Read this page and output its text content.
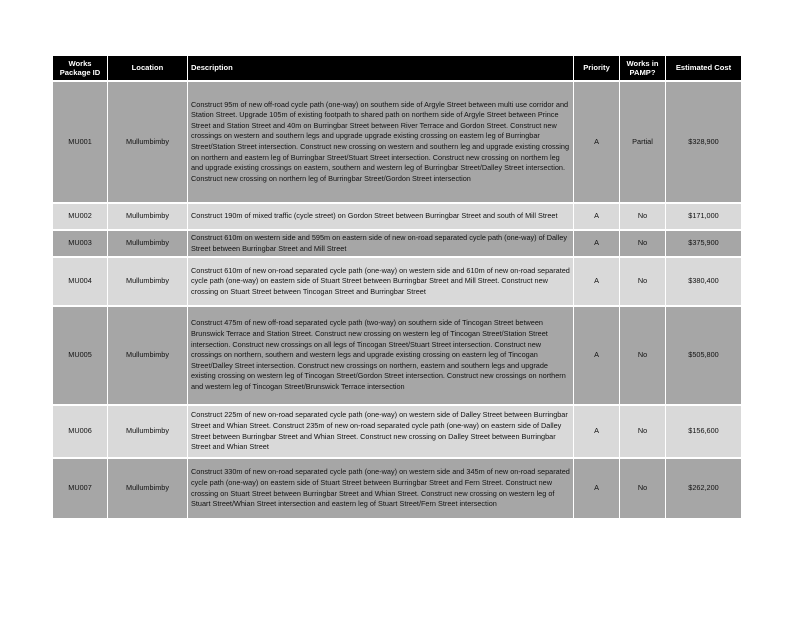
Works Package ID	Location	Description	Priority	Works in PAMP?	Estimated Cost
MU001	Mullumbimby	Construct 95m of new off-road cycle path (one-way) on southern side of Argyle Street between multi use corridor and Station Street. Upgrade 105m of existing footpath to shared path on northern side of Argyle Street between Prince Street and Station Street and 40m on Burringbar Street between River Terrace and Gordon Street. Construct new crossings on western and southern legs and upgrade upgrade existing crossing on eastern leg of Burringbar Street/Station Street intersection. Construct new crossing on western and southern leg and upgrade existing crossing on northern and eastern leg of Burringbar Street/Stuart Street intersection. Construct new crossing on northern leg and upgrade existing crossings on eastern, southern and western leg of Burringbar Street/Dalley Street intersection. Construct new crossing on northern leg of Burringbar Street/Gordon Street intersection	A	Partial	$328,900
MU002	Mullumbimby	Construct 190m of mixed traffic (cycle street) on Gordon Street between Burringbar Street and south of Mill Street	A	No	$171,000
MU003	Mullumbimby	Construct 610m on western side and 595m on eastern side of new on-road separated cycle path (one-way) of Dalley Street between Burringbar Street and Mill Street	A	No	$375,900
MU004	Mullumbimby	Construct 610m of new on-road separated cycle path (one-way) on western side and 610m of new on-road separated cycle path (one-way) on eastern side of Stuart Street between Burringbar Street and Mill Street. Construct new crossing on Stuart Street between Tincogan Street and Burringbar Street	A	No	$380,400
MU005	Mullumbimby	Construct 475m of new off-road separated cycle path (two-way) on southern side of Tincogan Street between Brunswick Terrace and Station Street. Construct new crossing on western leg of Tincogan Street/Station Street intersection. Construct new crossings on all legs of Tincogan Street/Stuart Street intersection. Construct new crossings on northern, southern and western legs and upgrade existing crossing on eastern leg of Tincogan Street/Dalley Street intersection. Construct new crossings on northern, eastern and southern legs and upgrade existing crossing on western leg of Tincogan Street/Gordon Street intersection. Construct new crossings on northern and western leg of Tincogan Street/Brunswick Terrace intersection	A	No	$505,800
MU006	Mullumbimby	Construct 225m of new on-road separated cycle path (one-way) on western side of Dalley Street between Burringbar Street and Whian Street. Construct 235m of new on-road separated cycle path (one-way) on eastern side of Dalley Street between Burringbar Street and Whian Street. Construct new crossing on Dalley Street between Burringbar Street and Whian Street	A	No	$156,600
MU007	Mullumbimby	Construct 330m of new on-road separated cycle path (one-way) on western side and 345m of new on-road separated cycle path (one-way) on eastern side of Stuart Street between Burringbar Street and Fern Street. Construct new crossing on Stuart Street between Burringbar Street and Whian Street. Construct new crossing on western leg of Stuart Street/Whian Street intersection and eastern leg of Stuart Street/Fern Street intersection	A	No	$262,200
